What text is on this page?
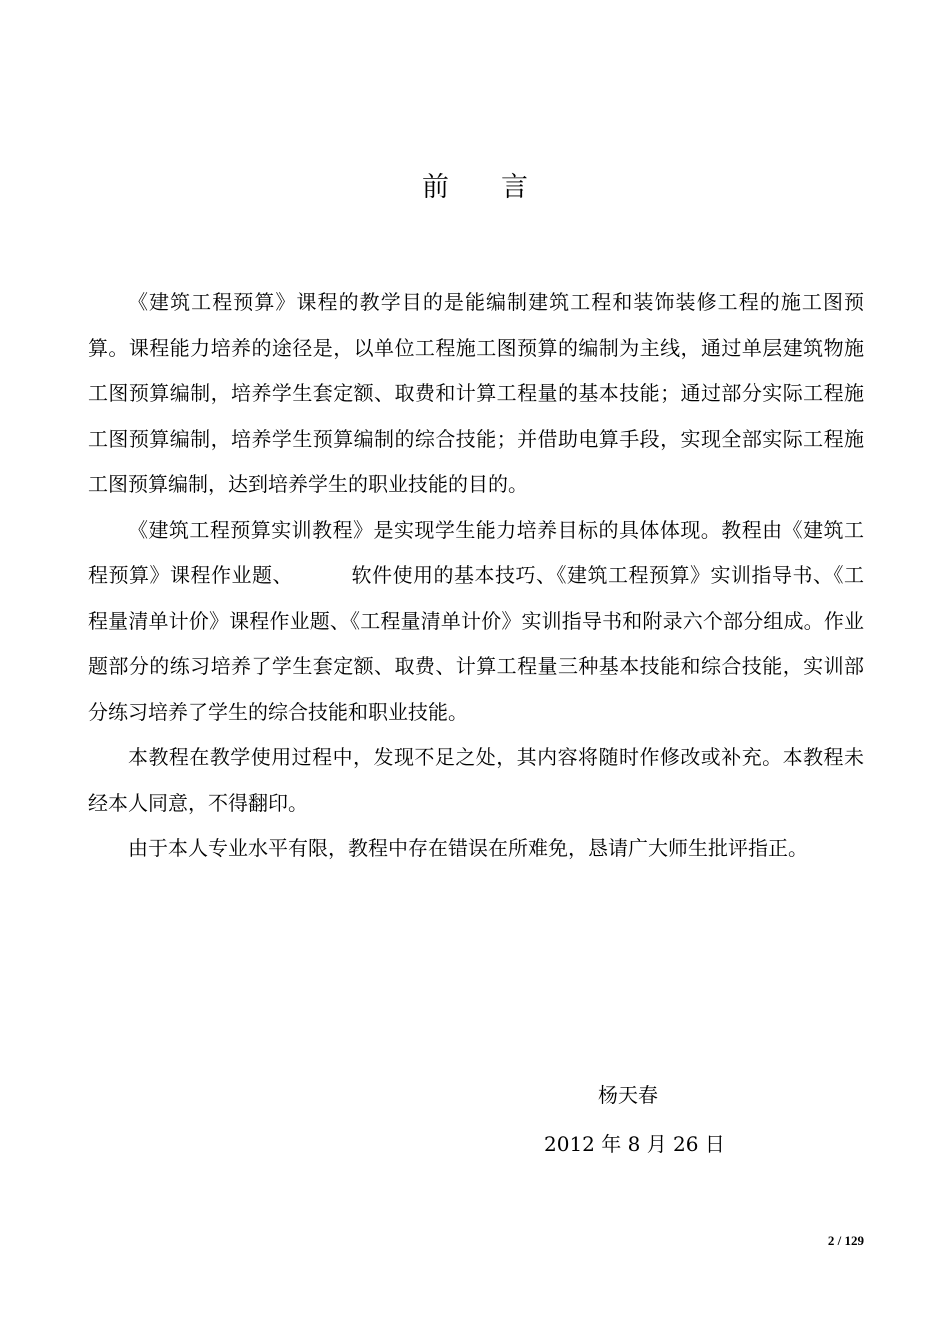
前 言

《建筑工程预算》课程的教学目的是能编制建筑工程和装饰装修工程的施工图预算。课程能力培养的途径是，以单位工程施工图预算的编制为主线，通过单层建筑物施工图预算编制，培养学生套定额、取费和计算工程量的基本技能；通过部分实际工程施工图预算编制，培养学生预算编制的综合技能；并借助电算手段，实现全部实际工程施工图预算编制，达到培养学生的职业技能的目的。

《建筑工程预算实训教程》是实现学生能力培养目标的具体体现。教程由《建筑工程预算》课程作业题、	软件使用的基本技巧、《建筑工程预算》实训指导书、《工程量清单计价》课程作业题、《工程量清单计价》实训指导书和附录六个部分组成。作业题部分的练习培养了学生套定额、取费、计算工程量三种基本技能和综合技能，实训部分练习培养了学生的综合技能和职业技能。

本教程在教学使用过程中，发现不足之处，其内容将随时作修改或补充。本教程未经本人同意，不得翻印。

由于本人专业水平有限，教程中存在错误在所难免，恳请广大师生批评指正。

杨天春
2012 年 8 月 26 日
2 / 129
